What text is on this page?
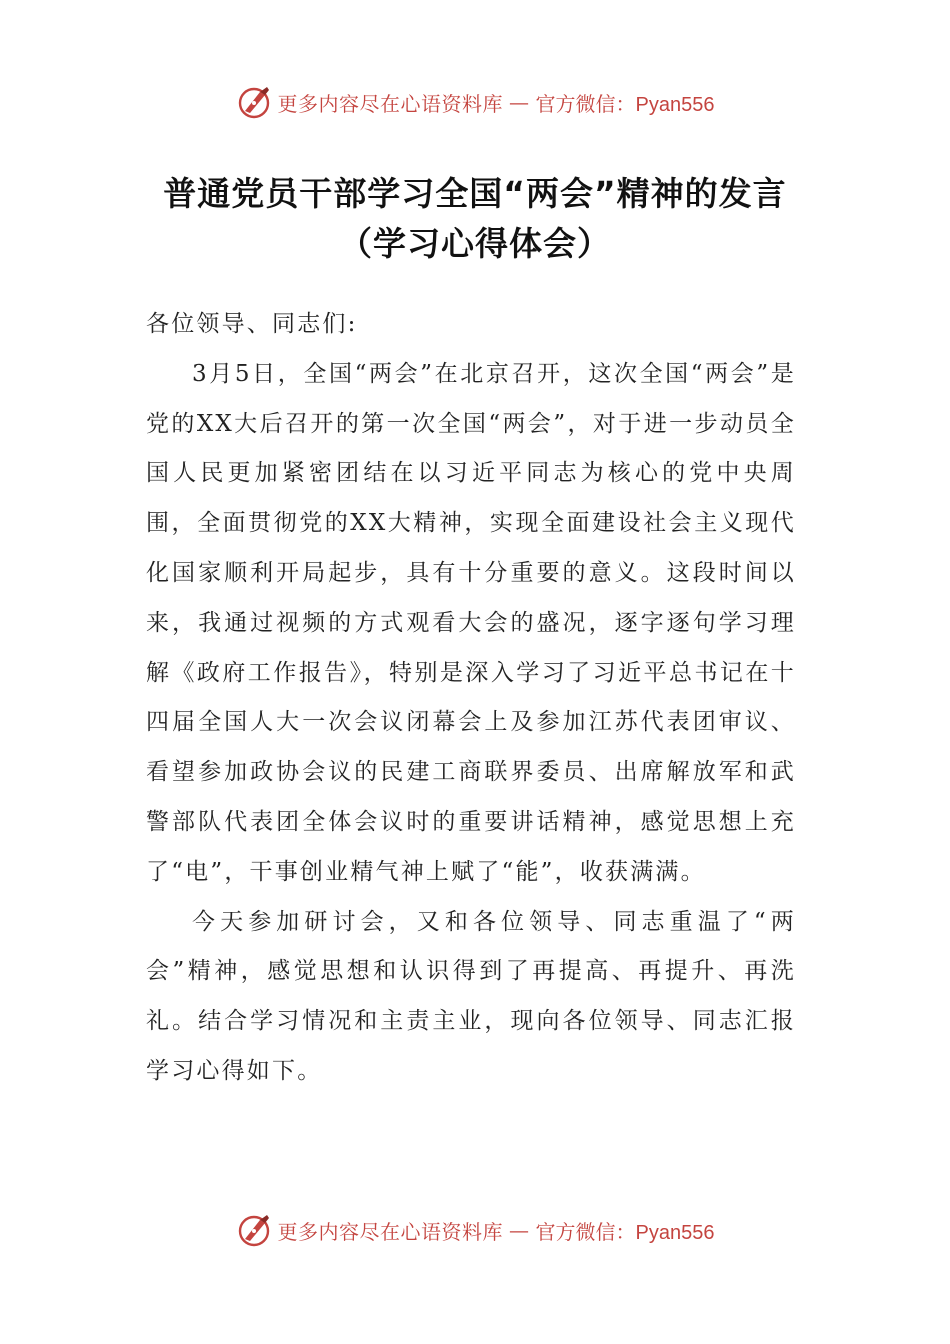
更多内容尽在心语资料库 — 官方微信：Pyan556
普通党员干部学习全国“两会”精神的发言
（学习心得体会）

各位领导、同志们:

3月5日，全国“两会”在北京召开，这次全国“两会”是党的XX大后召开的第一次全国“两会”，对于进一步动员全国人民更加紧密团结在以习近平同志为核心的党中央周围，全面贯彻党的XX大精神，实现全面建设社会主义现代化国家顺利开局起步，具有十分重要的意义。这段时间以来，我通过视频的方式观看大会的盛况，逐字逐句学习理解《政府工作报告》，特别是深入学习了习近平总书记在十四届全国人大一次会议闭幕会上及参加江苏代表团审议、看望参加政协会议的民建工商联界委员、出席解放军和武警部队代表团全体会议时的重要讲话精神，感觉思想上充了“电”，干事创业精气神上赋了“能”，收获满满。

今天参加研讨会，又和各位领导、同志重温了“两会”精神，感觉思想和认识得到了再提高、再提升、再洗礼。结合学习情况和主责主业，现向各位领导、同志汇报学习心得如下。

更多内容尽在心语资料库 — 官方微信：Pyan556
